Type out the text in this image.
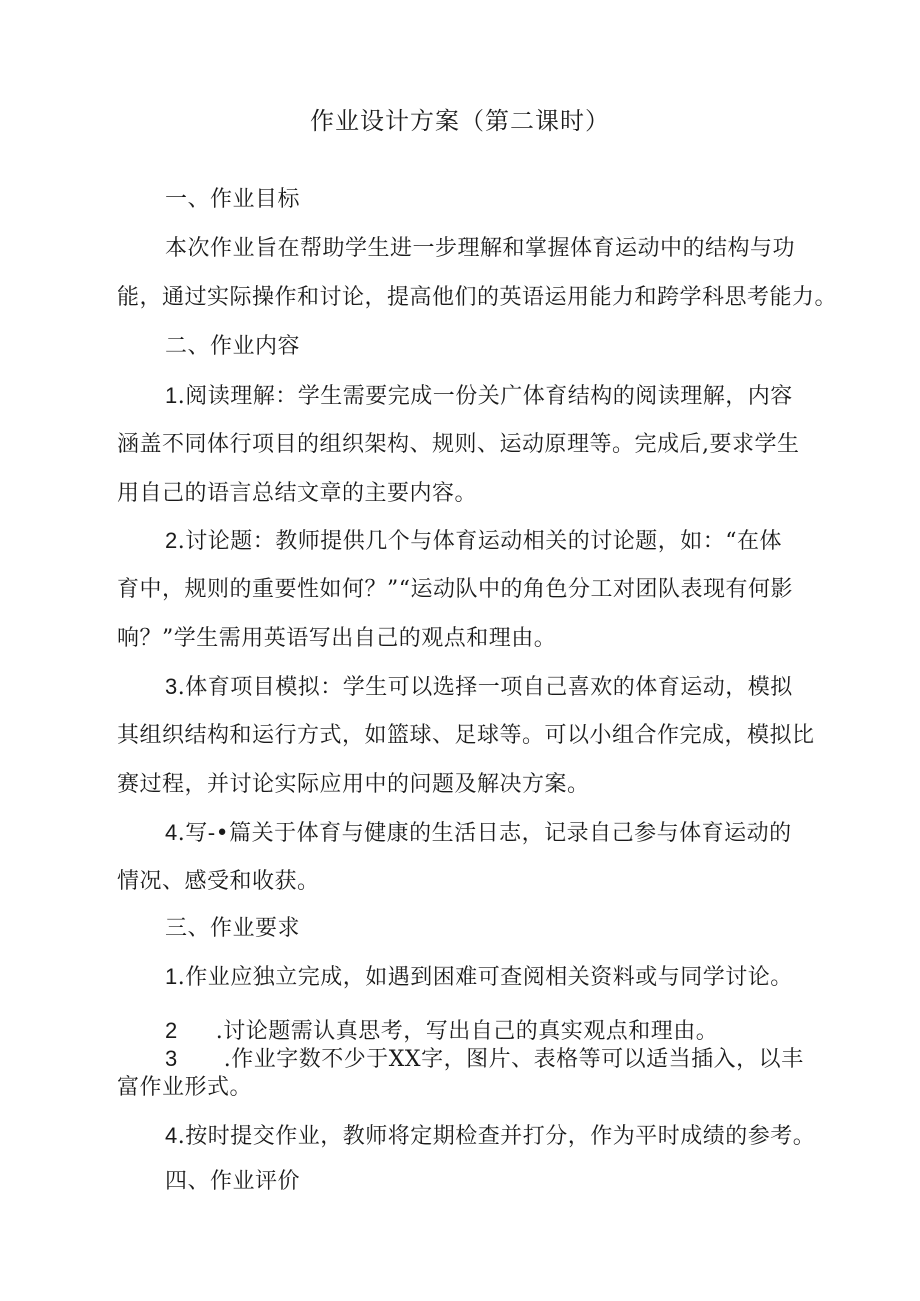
作业设计方案（第二课时）
一、作业目标
本次作业旨在帮助学生进一步理解和掌握体育运动中的结构与功
能，通过实际操作和讨论，提高他们的英语运用能力和跨学科思考能力。
二、作业内容
1.阅读理解：学生需要完成一份关广体育结构的阅读理解，内容
涵盖不同体行项目的组织架构、规则、运动原理等。完成后,要求学生
用自己的语言总结文章的主要内容。
2.讨论题：教师提供几个与体育运动相关的讨论题，如：“在体
育中，规则的重要性如何？”“运动队中的角色分工对团队表现有何影
响？”学生需用英语写出自己的观点和理由。
3.体育项目模拟：学生可以选择一项自己喜欢的体育运动，模拟
其组织结构和运行方式，如篮球、足球等。可以小组合作完成，模拟比
赛过程，并讨论实际应用中的问题及解决方案。
4.写-•篇关于体育与健康的生活日志，记录自己参与体育运动的
情况、感受和收获。
三、作业要求
1.作业应独立完成，如遇到困难可查阅相关资料或与同学讨论。
2 .讨论题需认真思考，写出自己的真实观点和理由。
3 .作业字数不少于XX字，图片、表格等可以适当插入，以丰
富作业形式。
4.按时提交作业，教师将定期检查并打分，作为平时成绩的参考。
四、作业评价
